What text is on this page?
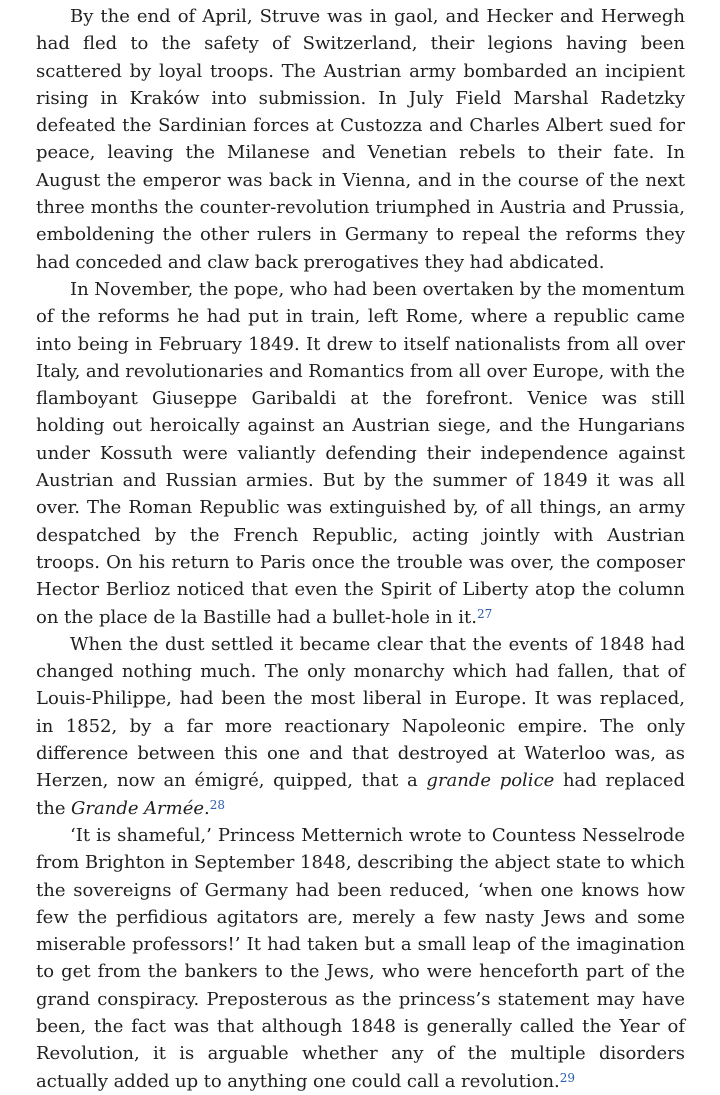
By the end of April, Struve was in gaol, and Hecker and Herwegh had fled to the safety of Switzerland, their legions having been scattered by loyal troops. The Austrian army bombarded an incipient rising in Kraków into submission. In July Field Marshal Radetzky defeated the Sardinian forces at Custozza and Charles Albert sued for peace, leaving the Milanese and Venetian rebels to their fate. In August the emperor was back in Vienna, and in the course of the next three months the counter-revolution triumphed in Austria and Prussia, emboldening the other rulers in Germany to repeal the reforms they had conceded and claw back prerogatives they had abdicated.

In November, the pope, who had been overtaken by the momentum of the reforms he had put in train, left Rome, where a republic came into being in February 1849. It drew to itself nationalists from all over Italy, and revolutionaries and Romantics from all over Europe, with the flamboyant Giuseppe Garibaldi at the forefront. Venice was still holding out heroically against an Austrian siege, and the Hungarians under Kossuth were valiantly defending their independence against Austrian and Russian armies. But by the summer of 1849 it was all over. The Roman Republic was extinguished by, of all things, an army despatched by the French Republic, acting jointly with Austrian troops. On his return to Paris once the trouble was over, the composer Hector Berlioz noticed that even the Spirit of Liberty atop the column on the place de la Bastille had a bullet-hole in it.$^{27}$

When the dust settled it became clear that the events of 1848 had changed nothing much. The only monarchy which had fallen, that of Louis-Philippe, had been the most liberal in Europe. It was replaced, in 1852, by a far more reactionary Napoleonic empire. The only difference between this one and that destroyed at Waterloo was, as Herzen, now an émigré, quipped, that a grande police had replaced the Grande Armée.$^{28}$

‘It is shameful,’ Princess Metternich wrote to Countess Nesselrode from Brighton in September 1848, describing the abject state to which the sovereigns of Germany had been reduced, ‘when one knows how few the perfidious agitators are, merely a few nasty Jews and some miserable professors!’ It had taken but a small leap of the imagination to get from the bankers to the Jews, who were henceforth part of the grand conspiracy. Preposterous as the princess’s statement may have been, the fact was that although 1848 is generally called the Year of Revolution, it is arguable whether any of the multiple disorders actually added up to anything one could call a revolution.$^{29}$
